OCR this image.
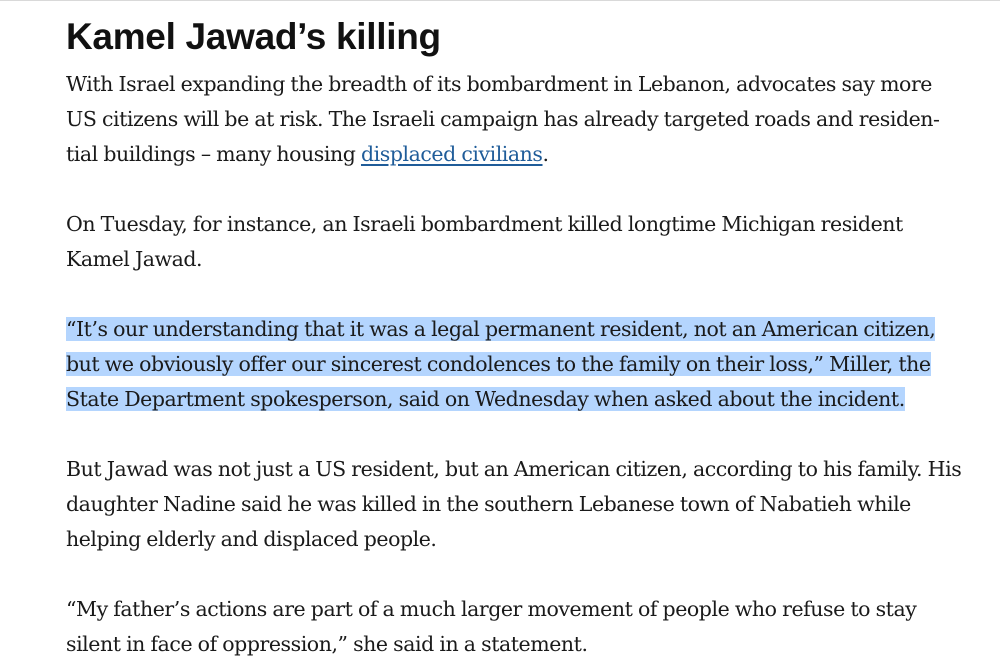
Kamel Jawad’s killing

With Israel expanding the breadth of its bombardment in Lebanon, advocates say more US citizens will be at risk. The Israeli campaign has already targeted roads and residen-tial buildings – many housing displaced civilians.

On Tuesday, for instance, an Israeli bombardment killed longtime Michigan resident Kamel Jawad.

“It’s our understanding that it was a legal permanent resident, not an American citizen,
but we obviously offer our sincerest condolences to the family on their loss,” Miller, the
State Department spokesperson, said on Wednesday when asked about the incident.

But Jawad was not just a US resident, but an American citizen, according to his family. His daughter Nadine said he was killed in the southern Lebanese town of Nabatieh while helping elderly and displaced people.

“My father’s actions are part of a much larger movement of people who refuse to stay silent in face of oppression,” she said in a statement.
